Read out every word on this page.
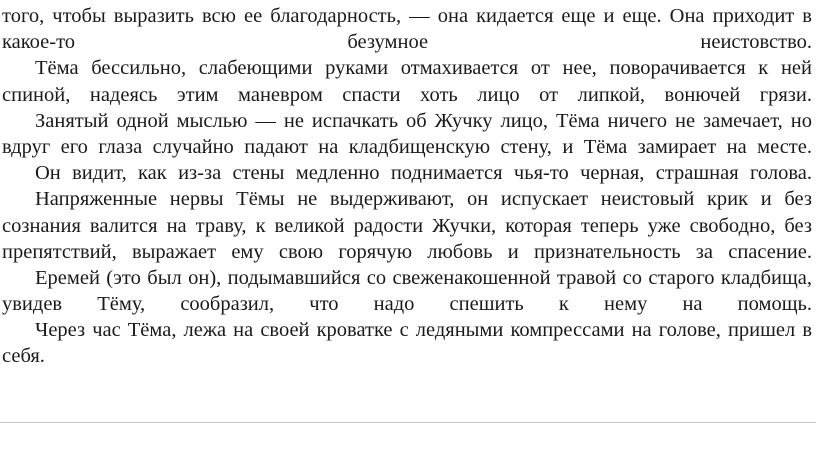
того, чтобы выразить всю ее благодарность, — она кидается еще и еще. Она приходит в
какое-то безумное неистовство.
Тёма бессильно, слабеющими руками отмахивается от нее, поворачивается к ней
спиной, надеясь этим маневром спасти хоть лицо от липкой, вонючей грязи.
Занятый одной мыслью — не испачкать об Жучку лицо, Тёма ничего не замечает, но
вдруг его глаза случайно падают на кладбищенскую стену, и Тёма замирает на месте.
Он видит, как из-за стены медленно поднимается чья-то черная, страшная голова.
Напряженные нервы Тёмы не выдерживают, он испускает неистовый крик и без
сознания валится на траву, к великой радости Жучки, которая теперь уже свободно, без
препятствий, выражает ему свою горячую любовь и признательность за спасение.
Еремей (это был он), подымавшийся со свеженакошенной травой со старого кладбища,
увидев Тёму, сообразил, что надо спешить к нему на помощь.
Через час Тёма, лежа на своей кроватке с ледяными компрессами на голове, пришел в
себя.
